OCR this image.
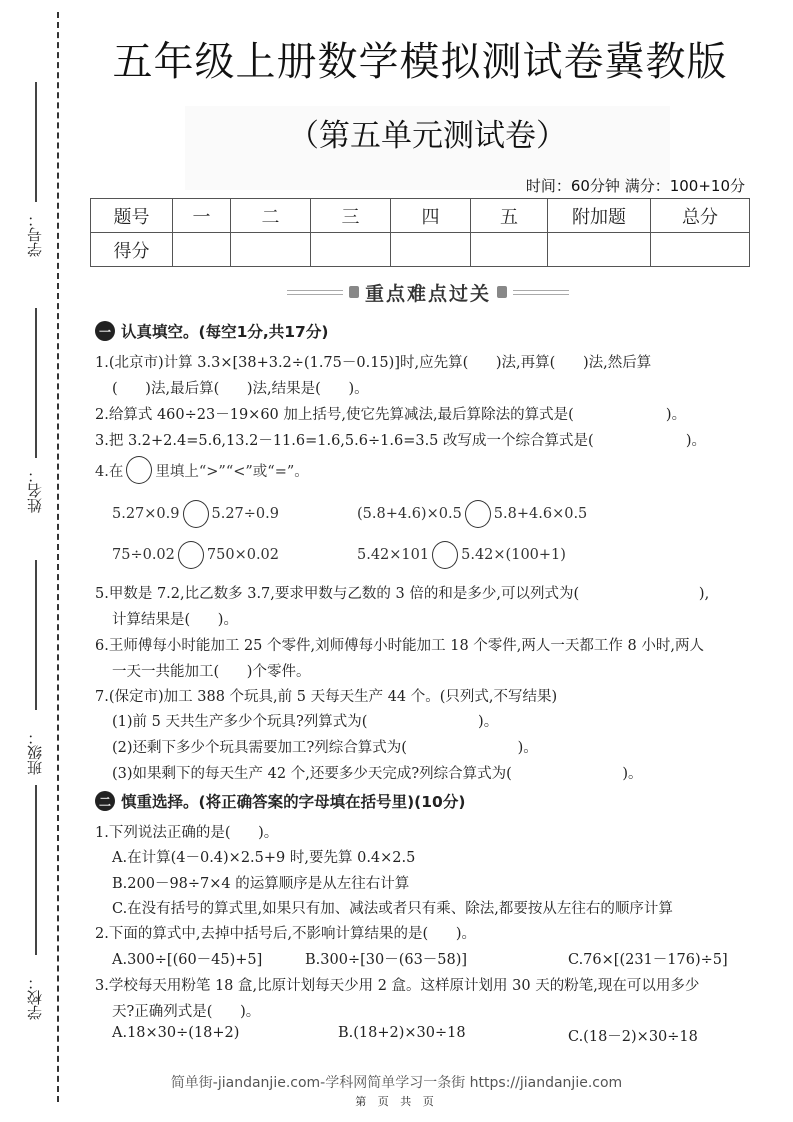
学号：
姓名：
班级：
学校：
五年级上册数学模拟测试卷冀教版
（第五单元测试卷）
时间：60分钟 满分：100+10分
题号	一	二	三	四	五	附加题	总分
得分							
重点难点过关
一 认真填空。(每空1分,共17分)
1.(北京市)计算 3.3×[38+3.2÷(1.75－0.15)]时,应先算(      )法,再算(      )法,然后算
(      )法,最后算(      )法,结果是(      )。
2.给算式 460÷23－19×60 加上括号,使它先算减法,最后算除法的算式是(                    )。
3.把 3.2+2.4=5.6,13.2－11.6=1.6,5.6÷1.6=3.5 改写成一个综合算式是(                    )。
4.在 里填上“>”“<”或“=”。
5.27×0.9 5.27÷0.9	(5.8+4.6)×0.5 5.8+4.6×0.5
75÷0.02 750×0.02	5.42×101 5.42×(100+1)
5.甲数是 7.2,比乙数多 3.7,要求甲数与乙数的 3 倍的和是多少,可以列式为(                          ),
计算结果是(      )。
6.王师傅每小时能加工 25 个零件,刘师傅每小时能加工 18 个零件,两人一天都工作 8 小时,两人
一天一共能加工(      )个零件。
7.(保定市)加工 388 个玩具,前 5 天每天生产 44 个。(只列式,不写结果)
(1)前 5 天共生产多少个玩具?列算式为(                        )。
(2)还剩下多少个玩具需要加工?列综合算式为(                        )。
(3)如果剩下的每天生产 42 个,还要多少天完成?列综合算式为(                        )。
二 慎重选择。(将正确答案的字母填在括号里)(10分)
1.下列说法正确的是(      )。
A.在计算(4－0.4)×2.5+9 时,要先算 0.4×2.5
B.200－98÷7×4 的运算顺序是从左往右计算
C.在没有括号的算式里,如果只有加、减法或者只有乘、除法,都要按从左往右的顺序计算
2.下面的算式中,去掉中括号后,不影响计算结果的是(      )。
A.300÷[(60－45)+5]	B.300÷[30－(63－58)]	C.76×[(231－176)÷5]
3.学校每天用粉笔 18 盒,比原计划每天少用 2 盒。这样原计划用 30 天的粉笔,现在可以用多少
天?正确列式是(      )。
A.18×30÷(18+2)	B.(18+2)×30÷18	C.(18－2)×30÷18
简单街-jiandanjie.com-学科网简单学习一条街 https://jiandanjie.com
第 页 共 页
